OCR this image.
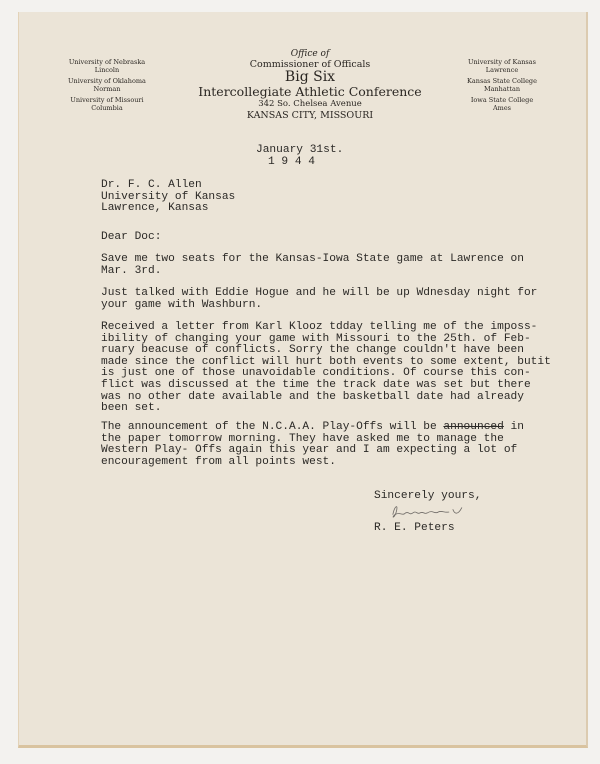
University of Nebraska
Lincoln
University of Oklahoma
Norman
University of Missouri
Columbia
Office of
Commissioner of Officals
Big Six
Intercollegiate Athletic Conference
342 So. Chelsea Avenue
KANSAS CITY, MISSOURI
University of Kansas
Lawrence
Kansas State College
Manhattan
Iowa State College
Ames
January 31st.
1 9 4 4
Dr. F. C. Allen
University of Kansas
Lawrence, Kansas
Dear Doc:
Save me two seats for the Kansas-Iowa State game at Lawrence on
Mar. 3rd.
Just talked with Eddie Hogue and he will be up Wdnesday night for
your game with Washburn.
Received a letter from Karl Klooz tdday telling me of the imposs-
ibility of changing your game with Missouri to the 25th. of Feb-
ruary beacuse of conflicts. Sorry the change couldn't have been
made since the conflict will hurt both events to some extent, butit
is just one of those unavoidable conditions. Of course this con-
flict was discussed at the time the track date was set but there
was no other date available and the basketball date had already
been set.
The announcement of the N.C.A.A. Play-Offs will be announced in
the paper tomorrow morning. They have asked me to manage the
Western Play- Offs again this year and I am expecting a lot of
encouragement from all points west.
Sincerely yours,
R. E. Peters
